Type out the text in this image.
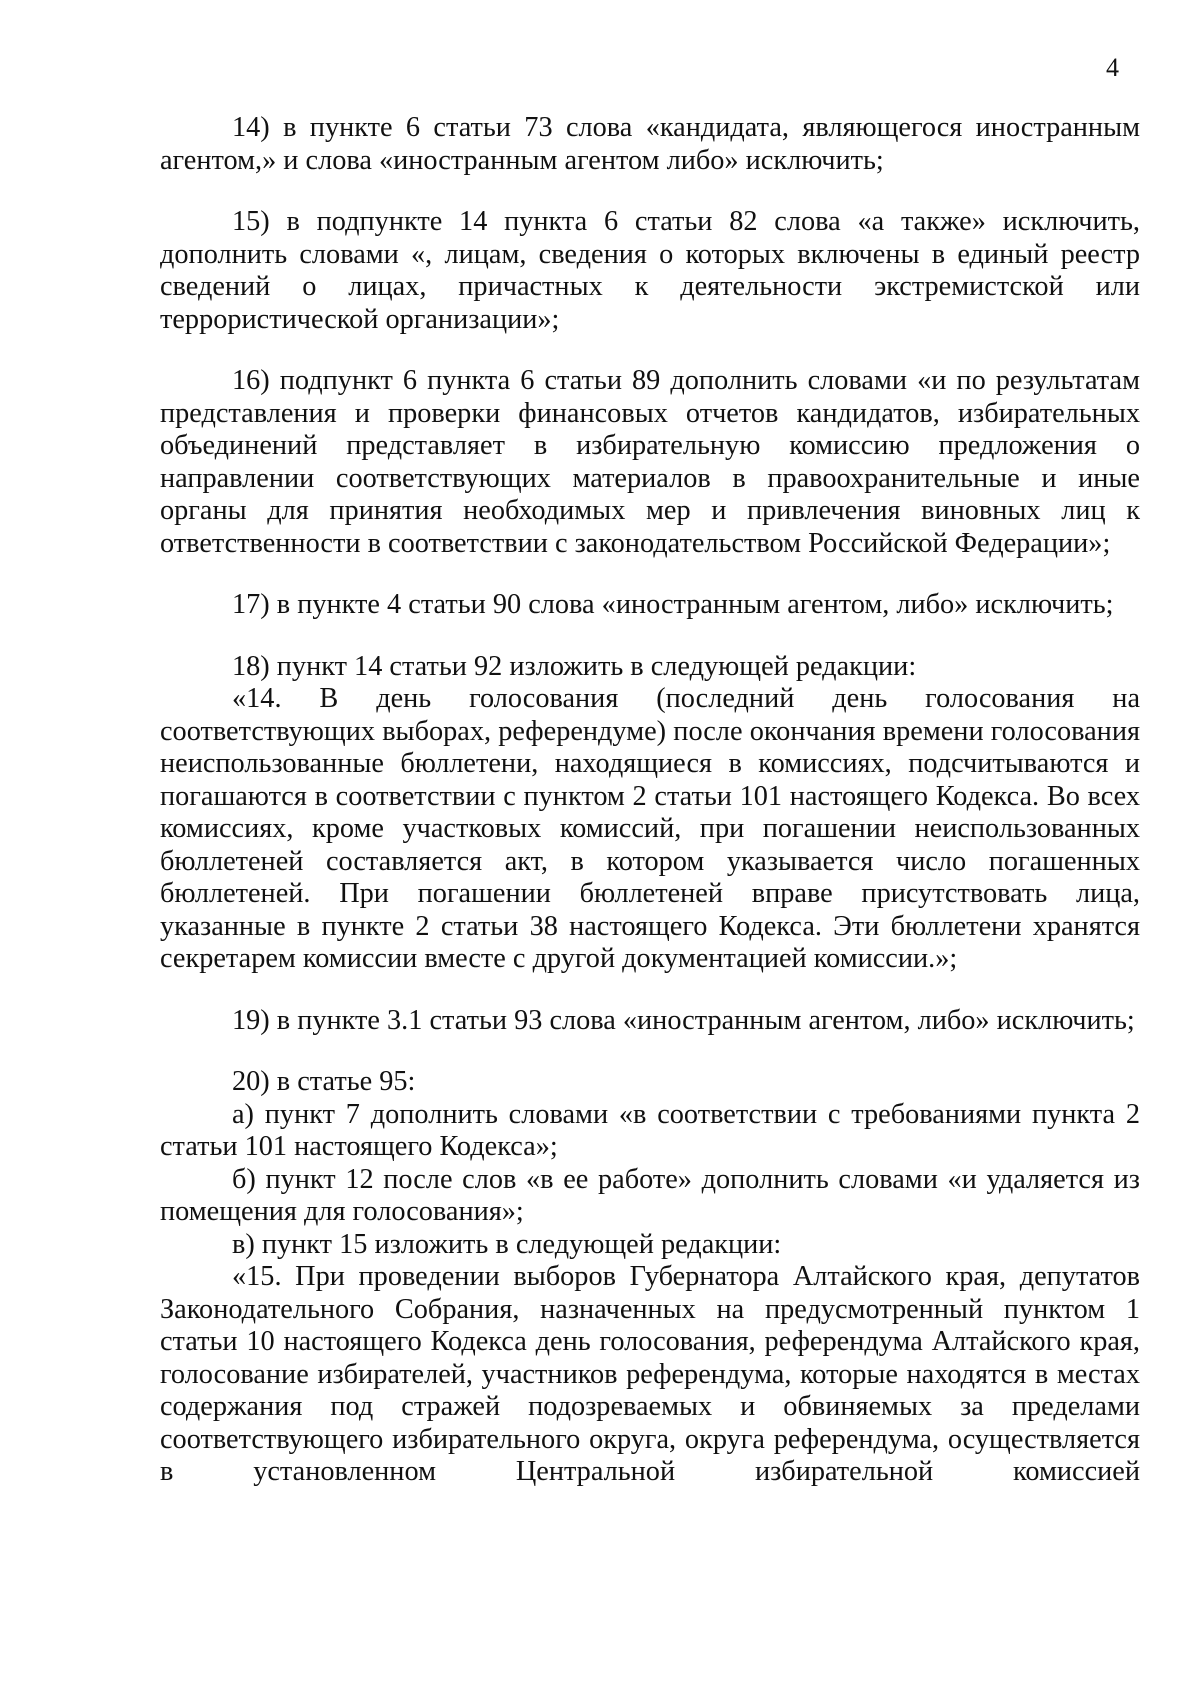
4

14) в пункте 6 статьи 73 слова «кандидата, являющегося иностранным агентом,» и слова «иностранным агентом либо» исключить;

15) в подпункте 14 пункта 6 статьи 82 слова «а также» исключить, дополнить словами «, лицам, сведения о которых включены в единый реестр сведений о лицах, причастных к деятельности экстремистской или террористической организации»;

16) подпункт 6 пункта 6 статьи 89 дополнить словами «и по результатам представления и проверки финансовых отчетов кандидатов, избирательных объединений представляет в избирательную комиссию предложения о направлении соответствующих материалов в правоохранительные и иные органы для принятия необходимых мер и привлечения виновных лиц к ответственности в соответствии с законодательством Российской Федерации»;

17) в пункте 4 статьи 90 слова «иностранным агентом, либо» исключить;

18) пункт 14 статьи 92 изложить в следующей редакции:

«14. В день голосования (последний день голосования на соответствующих выборах, референдуме) после окончания времени голосования неиспользованные бюллетени, находящиеся в комиссиях, подсчитываются и погашаются в соответствии с пунктом 2 статьи 101 настоящего Кодекса. Во всех комиссиях, кроме участковых комиссий, при погашении неиспользованных бюллетеней составляется акт, в котором указывается число погашенных бюллетеней. При погашении бюллетеней вправе присутствовать лица, указанные в пункте 2 статьи 38 настоящего Кодекса. Эти бюллетени хранятся секретарем комиссии вместе с другой документацией комиссии.»;

19) в пункте 3.1 статьи 93 слова «иностранным агентом, либо» исключить;

20) в статье 95:

а) пункт 7 дополнить словами «в соответствии с требованиями пункта 2 статьи 101 настоящего Кодекса»;

б) пункт 12 после слов «в ее работе» дополнить словами «и удаляется из помещения для голосования»;

в) пункт 15 изложить в следующей редакции:

«15. При проведении выборов Губернатора Алтайского края, депутатов Законодательного Собрания, назначенных на предусмотренный пунктом 1 статьи 10 настоящего Кодекса день голосования, референдума Алтайского края, голосование избирателей, участников референдума, которые находятся в местах содержания под стражей подозреваемых и обвиняемых за пределами соответствующего избирательного округа, округа референдума, осуществляется в установленном Центральной избирательной комиссией
